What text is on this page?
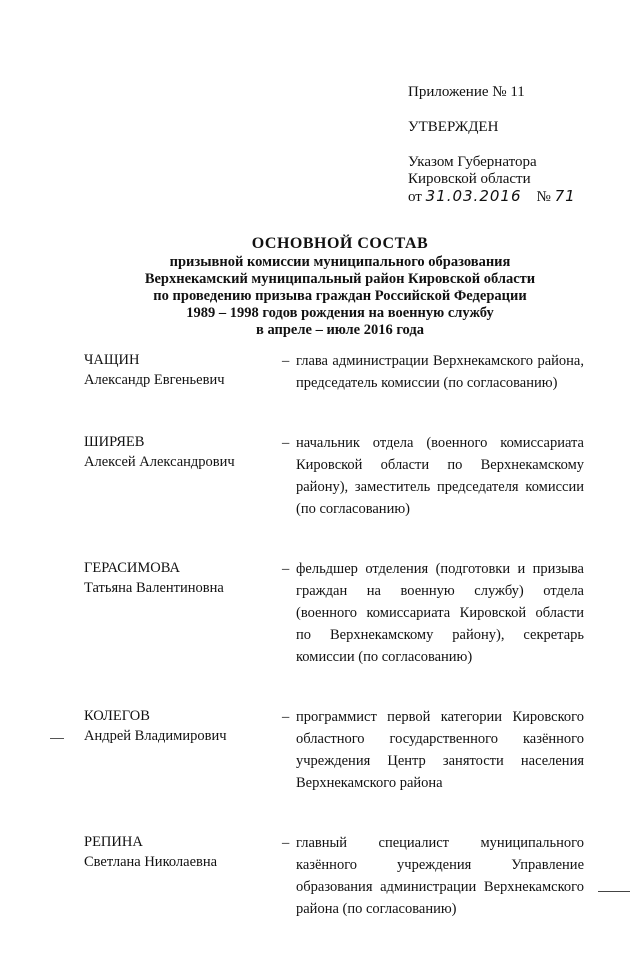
Приложение № 11
УТВЕРЖДЕН
Указом Губернатора
Кировской области
от 31.03.2016 № 71
ОСНОВНОЙ СОСТАВ
призывной комиссии муниципального образования
Верхнекамский муниципальный район Кировской области
по проведению призыва граждан Российской Федерации
1989 – 1998 годов рождения на военную службу
в апреле – июле 2016 года
ЧАЩИН
Александр Евгеньевич
– глава администрации Верхнекамского района, председатель комиссии (по согласованию)
ШИРЯЕВ
Алексей Александрович
– начальник отдела (военного комиссариата Кировской области по Верхнекамскому району), заместитель председателя комиссии (по согласованию)
ГЕРАСИМОВА
Татьяна Валентиновна
– фельдшер отделения (подготовки и призыва граждан на военную службу) отдела (военного комиссариата Кировской области по Верхнекамскому району), секретарь комиссии (по согласованию)
КОЛЕГОВ
Андрей Владимирович
– программист первой категории Кировского областного государственного казённого учреждения Центр занятости населения Верхнекамского района
РЕПИНА
Светлана Николаевна
– главный специалист муниципального казённого учреждения Управление образования администрации Верхнекамского района (по согласованию)
